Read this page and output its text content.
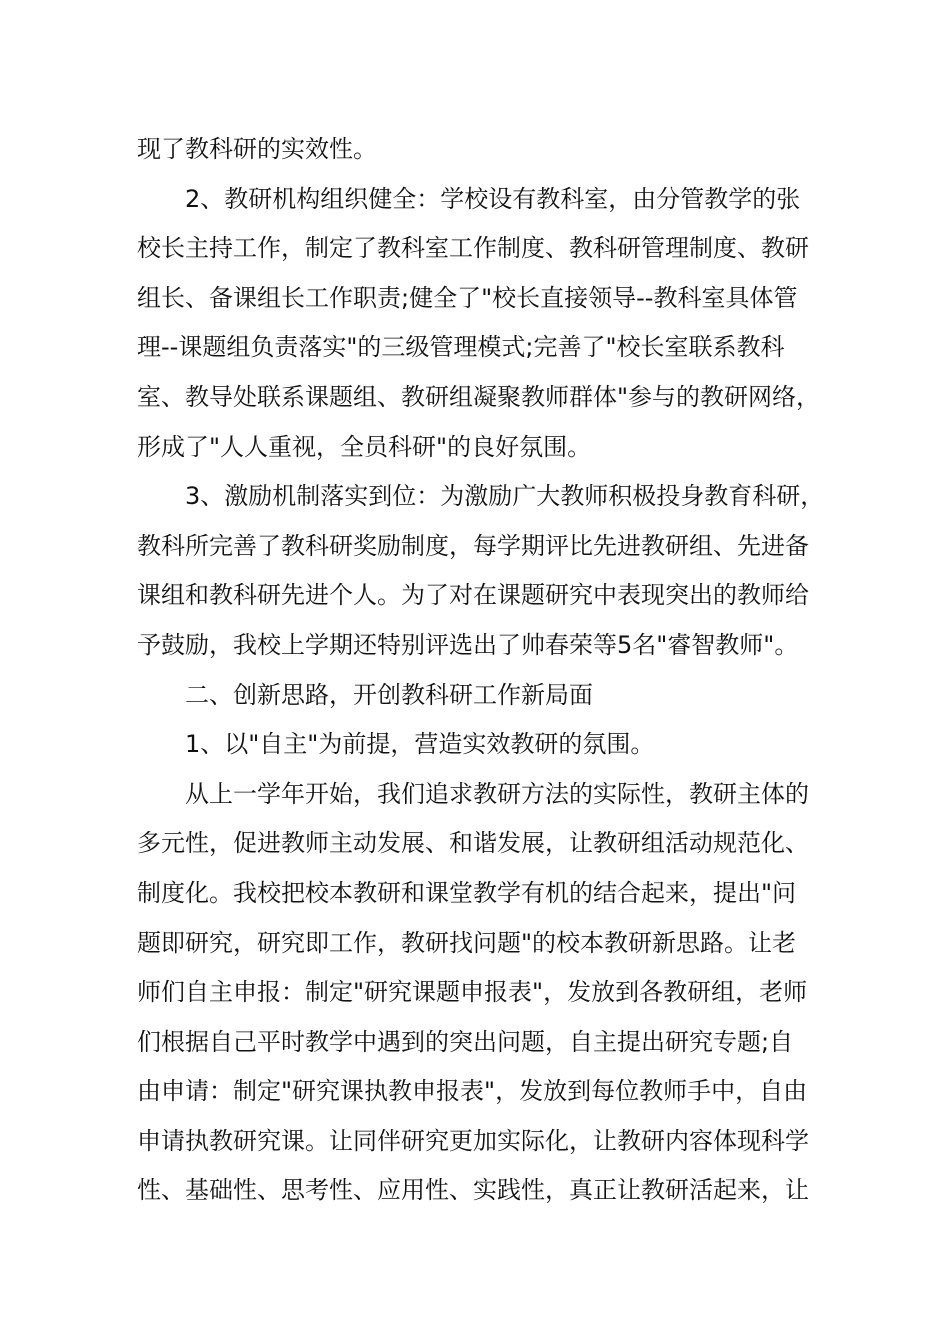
现了教科研的实效性。
2、教研机构组织健全：学校设有教科室，由分管教学的张
校长主持工作，制定了教科室工作制度、教科研管理制度、教研
组长、备课组长工作职责;健全了"校长直接领导--教科室具体管
理--课题组负责落实"的三级管理模式;完善了"校长室联系教科
室、教导处联系课题组、教研组凝聚教师群体"参与的教研网络，
形成了"人人重视，全员科研"的良好氛围。
3、激励机制落实到位：为激励广大教师积极投身教育科研，
教科所完善了教科研奖励制度，每学期评比先进教研组、先进备
课组和教科研先进个人。为了对在课题研究中表现突出的教师给
予鼓励，我校上学期还特别评选出了帅春荣等5名"睿智教师"。
二、创新思路，开创教科研工作新局面
1、以"自主"为前提，营造实效教研的氛围。
从上一学年开始，我们追求教研方法的实际性，教研主体的
多元性，促进教师主动发展、和谐发展，让教研组活动规范化、
制度化。我校把校本教研和课堂教学有机的结合起来，提出"问
题即研究，研究即工作，教研找问题"的校本教研新思路。让老
师们自主申报：制定"研究课题申报表"，发放到各教研组，老师
们根据自己平时教学中遇到的突出问题，自主提出研究专题;自
由申请：制定"研究课执教申报表"，发放到每位教师手中，自由
申请执教研究课。让同伴研究更加实际化，让教研内容体现科学
性、基础性、思考性、应用性、实践性，真正让教研活起来，让
